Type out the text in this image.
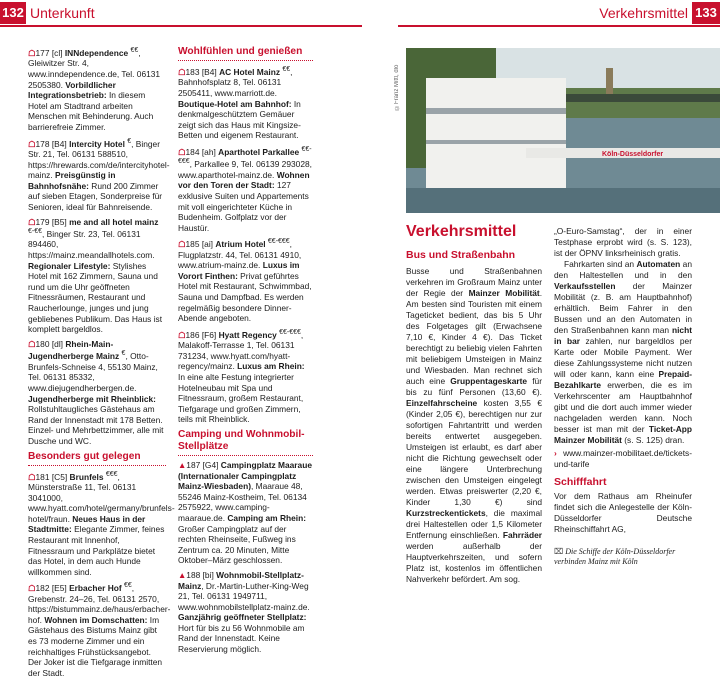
132 Unterkunft	Verkehrsmittel 133
☖177 [cl] INNdependence €€, Gleiwitzer Str. 4, www.inndependence.de, Tel. 06131 2505380. Vorbildlicher Integrationsbetrieb: In diesem Hotel am Stadtrand arbeiten Menschen mit Behinderung. Auch barrierefreie Zimmer.
☖178 [B4] Intercity Hotel €, Binger Str. 21, Tel. 06131 588510, https://hrewards.com/de/intercityhotel-mainz. Preisgünstig in Bahnhofsnähe: Rund 200 Zimmer auf sieben Etagen, Sonderpreise für Senioren, ideal für Bahnreisende.
☖179 [B5] me and all hotel mainz €-€€, Binger Str. 23, Tel. 06131 894460, https://mainz.meandallhotels.com. Regionaler Lifestyle: Stylishes Hotel mit 162 Zimmern, Sauna und rund um die Uhr geöffneten Fitnessräumen, Restaurant und Raucherlounge, junges und jung gebliebenes Publikum. Das Haus ist komplett bargeldlos.
☖180 [dl] Rhein-Main-Jugendherberge Mainz €, Otto-Brunfels-Schneise 4, 55130 Mainz, Tel. 06131 85332, www.diejugendherbergen.de. Jugendherberge mit Rheinblick: Rollstuhltaugliches Gästehaus am Rand der Innenstadt mit 178 Betten. Einzel- und Mehrbettzimmer, alle mit Dusche und WC.
Besonders gut gelegen
☖181 [C5] Brunfels €€€, Münsterstraße 11, Tel. 06131 3041000, www.hyatt.com/hotel/germany/brunfels-hotel/fraun. Neues Haus in der Stadtmitte: Elegante Zimmer, feines Restaurant mit Innenhof, Fitnessraum und Parkplätze bietet das Hotel, in dem auch Hunde willkommen sind.
☖182 [E5] Erbacher Hof €€, Grebenstr. 24–26, Tel. 06131 2570, https://bistummainz.de/haus/erbacher-hof. Wohnen im Domschatten: Im Gästehaus des Bistums Mainz gibt es 73 moderne Zimmer und ein reichhaltiges Frühstücksangebot. Der Joker ist die Tiefgarage inmitten der Stadt.
Wohlfühlen und genießen
☖183 [B4] AC Hotel Mainz €€, Bahnhofsplatz 8, Tel. 06131 2505411, www.marriott.de. Boutique-Hotel am Bahnhof: In denkmalgeschütztem Gemäuer zeigt sich das Haus mit Kingsize-Betten und eigenem Restaurant.
☖184 [ah] Aparthotel Parkallee €€-€€€, Parkallee 9, Tel. 06139 293028, www.aparthotel-mainz.de. Wohnen vor den Toren der Stadt: 127 exklusive Suiten und Appartements mit voll eingerichteter Küche in Budenheim. Golfplatz vor der Haustür.
☖185 [ai] Atrium Hotel €€-€€€, Flugplatzstr. 44, Tel. 06131 4910, www.atrium-mainz.de. Luxus im Vorort Finthen: Privat geführtes Hotel mit Restaurant, Schwimmbad, Sauna und Dampfbad. Es werden regelmäßig besondere Dinner-Abende angeboten.
☖186 [F6] Hyatt Regency €€-€€€, Malakoff-Terrasse 1, Tel. 06131 731234, www.hyatt.com/hyatt-regency/mainz. Luxus am Rhein: In eine alte Festung integrierter Hotelneubau mit Spa und Fitnessraum, großem Restaurant, Tiefgarage und großen Zimmern, teils mit Rheinblick.
Camping und Wohnmobil-Stellplätze
▲187 [G4] Campingplatz Maaraue (Internationaler Campingplatz Mainz-Wiesbaden), Maaraue 48, 55246 Mainz-Kostheim, Tel. 06134 2575922, www.camping-maaraue.de. Camping am Rhein: Großer Campingplatz auf der rechten Rheinseite, Fußweg ins Zentrum ca. 20 Minuten, Mitte Oktober–März geschlossen.
▲188 [bi] Wohnmobil-Stellplatz-Mainz, Dr.-Martin-Luther-King-Weg 21, Tel. 06131 1949711, www.wohnmobilstellplatz-mainz.de. Ganzjährig geöffneter Stellplatz: Hort für bis zu 56 Wohnmobile am Rand der Innenstadt. Keine Reservierung möglich.
©Franz Mittl, dlo
Köln-Düsseldorfer
Verkehrsmittel
Bus und Straßenbahn
Busse und Straßenbahnen verkehren im Großraum Mainz unter der Regie der Mainzer Mobilität. Am besten sind Touristen mit einem Tageticket bedient, das bis 5 Uhr des Folgetages gilt (Erwachsene 7,10 €, Kinder 4 €). Das Ticket berechtigt zu beliebig vielen Fahrten mit beliebigem Umsteigen in Mainz und Wiesbaden. Man rechnet sich auch eine Gruppentageskarte für bis zu fünf Personen (13,60 €). Einzelfahrscheine kosten 3,55 € (Kinder 2,05 €), berechtigen nur zur sofortigen Fahrtantritt und werden bereits entwertet ausgegeben. Umsteigen ist erlaubt, es darf aber nicht die Richtung gewechselt oder eine längere Unterbrechung zwischen den Umsteigen eingelegt werden. Etwas preiswerter (2,20 €, Kinder 1,30 €) sind Kurzstreckentickets, die maximal drei Haltestellen oder 1,5 Kilometer Entfernung einschließen. Fahrräder werden außerhalb der Hauptverkehrszeiten, und sofern Platz ist, kostenlos im öffentlichen Nahverkehr befördert. Am sog.
„O-Euro-Samstag“, der in einer Testphase erprobt wird (s. S. 123), ist der ÖPNV linksrheinisch gratis.
Fahrkarten sind an Automaten an den Haltestellen und in den Verkaufsstellen der Mainzer Mobilität (z. B. am Hauptbahnhof) erhältlich. Beim Fahrer in den Bussen und an den Automaten in den Straßenbahnen kann man nicht in bar zahlen, nur bargeldlos per Karte oder Mobile Payment. Wer diese Zahlungssysteme nicht nutzen will oder kann, kann eine Prepaid-Bezahlkarte erwerben, die es im Verkehrscenter am Hauptbahnhof gibt und die dort auch immer wieder nachgeladen werden kann. Noch besser ist man mit der Ticket-App Mainzer Mobilität (s. S. 125) dran.
› www.mainzer-mobilitaet.de/tickets-und-tarife
Schifffahrt
Vor dem Rathaus am Rheinufer findet sich die Anlegestelle der Köln-Düsseldorfer Deutsche Rheinschiffahrt AG,
⌧ Die Schiffe der Köln-Düsseldorfer verbinden Mainz mit Köln
